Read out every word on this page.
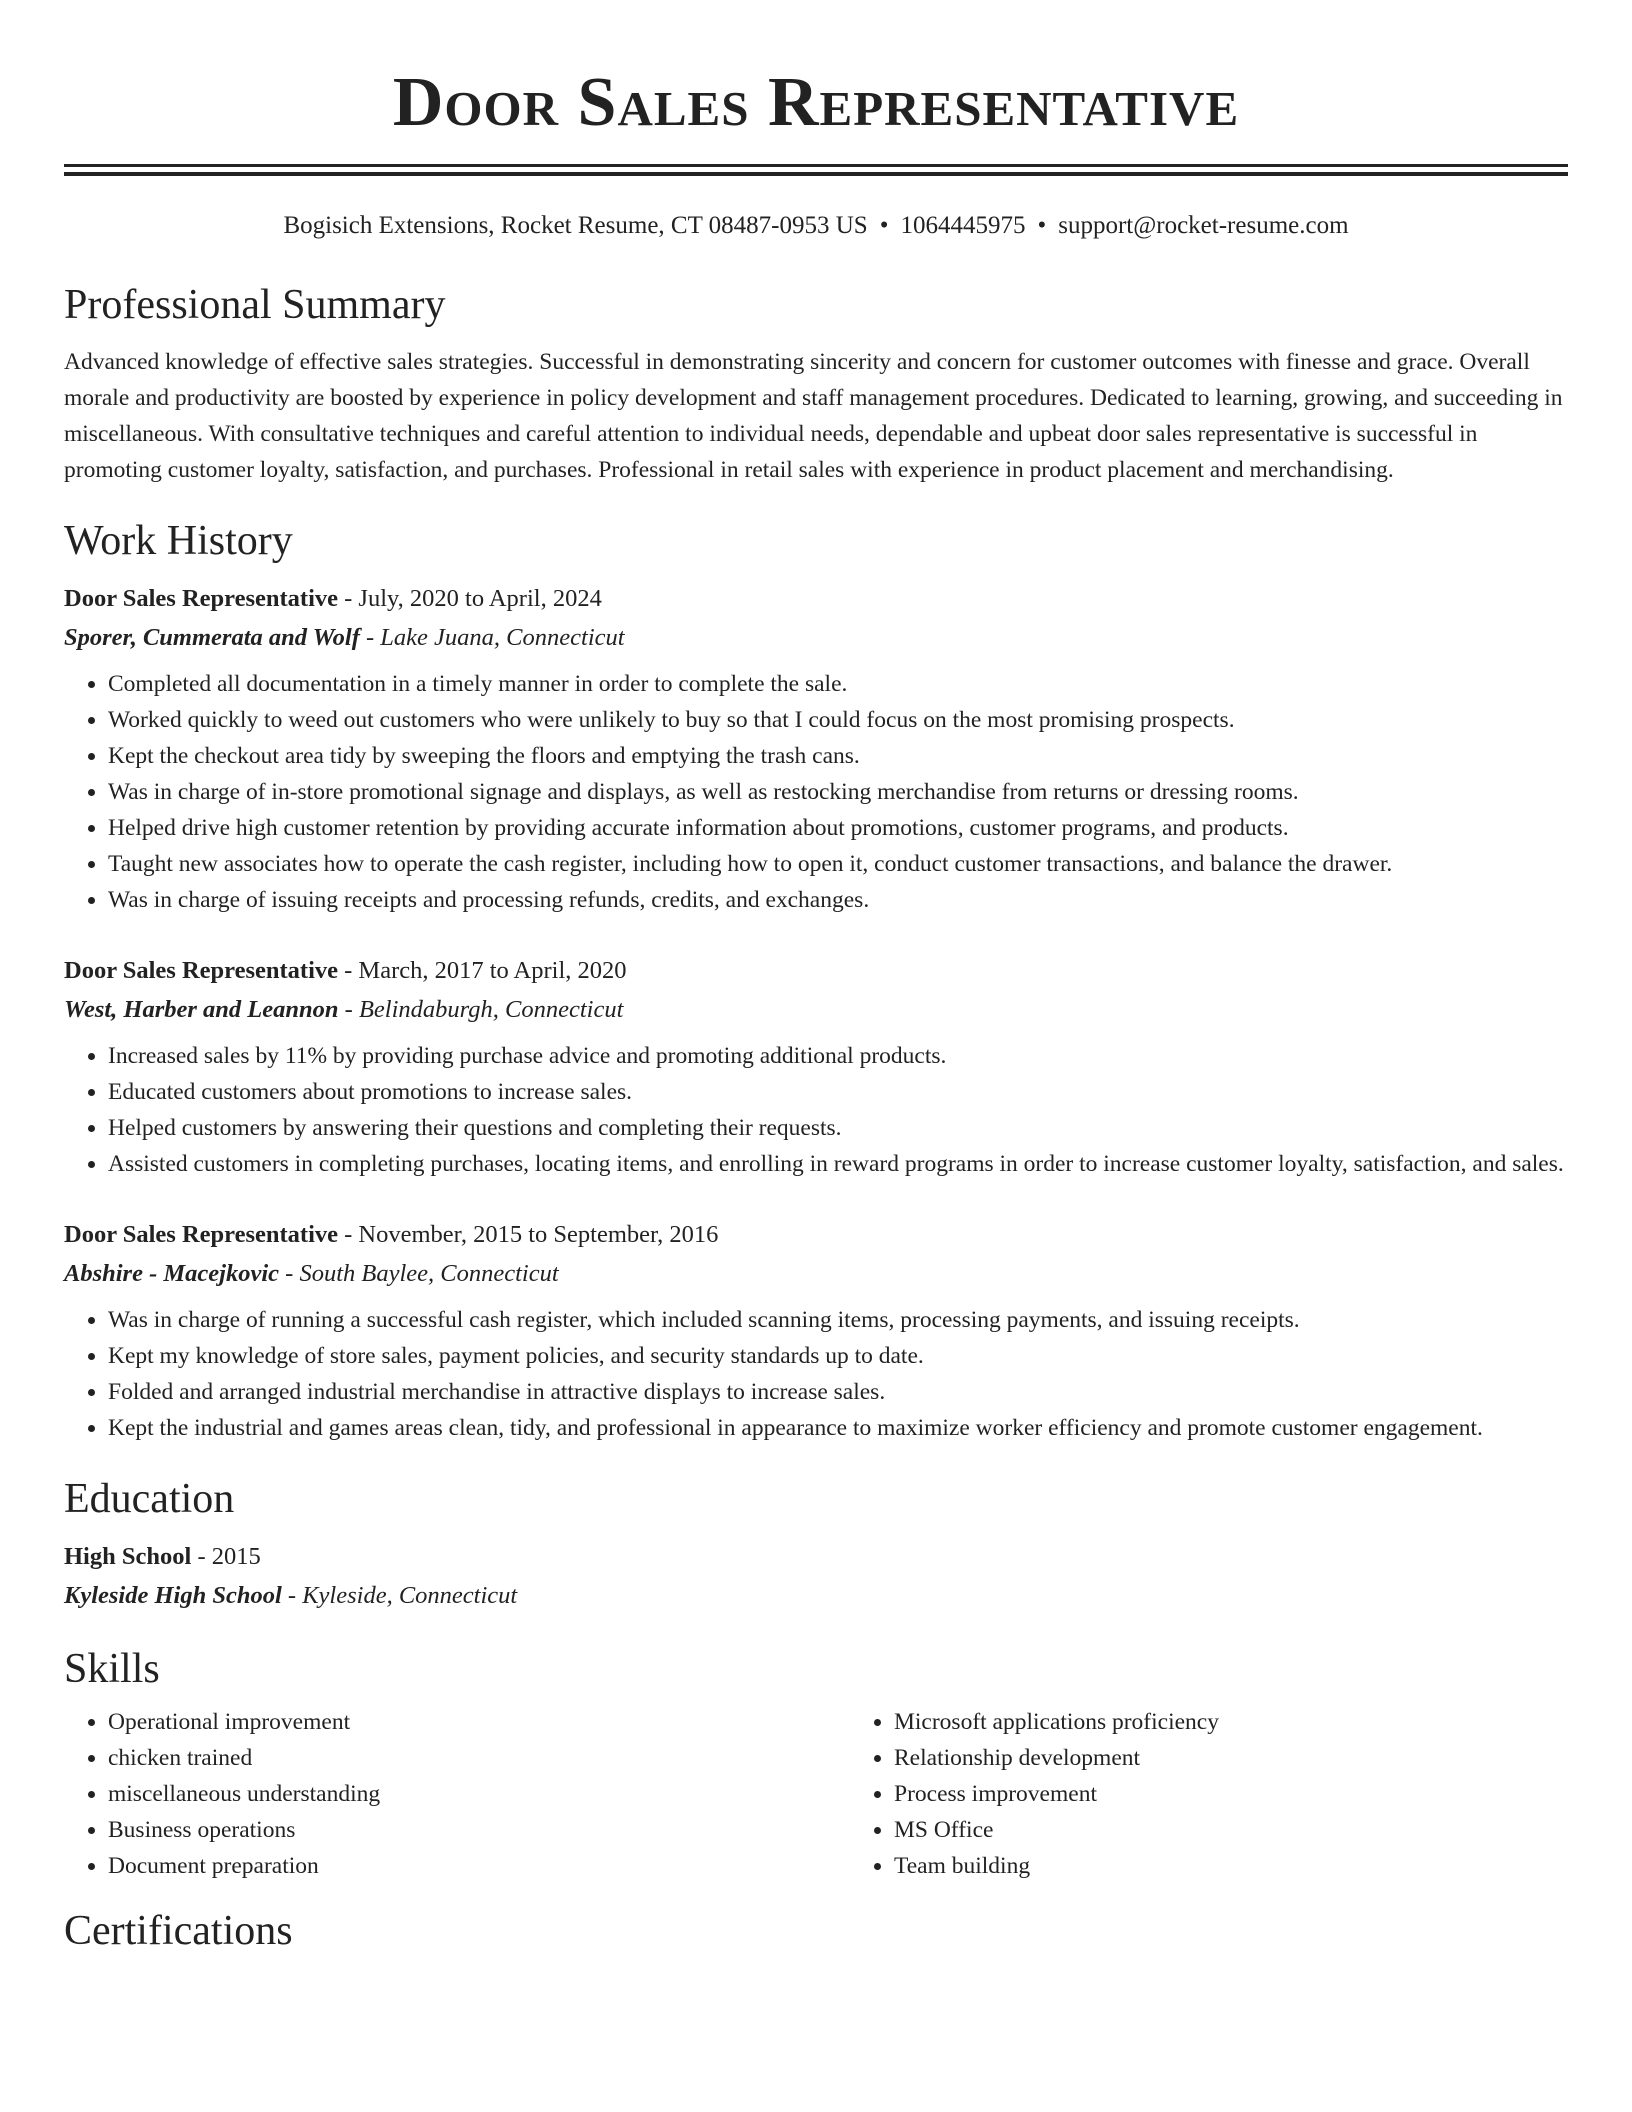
Door Sales Representative
Bogisich Extensions, Rocket Resume, CT 08487-0953 US • 1064445975 • support@rocket-resume.com
Professional Summary
Advanced knowledge of effective sales strategies. Successful in demonstrating sincerity and concern for customer outcomes with finesse and grace. Overall morale and productivity are boosted by experience in policy development and staff management procedures. Dedicated to learning, growing, and succeeding in miscellaneous. With consultative techniques and careful attention to individual needs, dependable and upbeat door sales representative is successful in promoting customer loyalty, satisfaction, and purchases. Professional in retail sales with experience in product placement and merchandising.
Work History
Door Sales Representative - July, 2020 to April, 2024
Sporer, Cummerata and Wolf - Lake Juana, Connecticut
• Completed all documentation in a timely manner in order to complete the sale.
• Worked quickly to weed out customers who were unlikely to buy so that I could focus on the most promising prospects.
• Kept the checkout area tidy by sweeping the floors and emptying the trash cans.
• Was in charge of in-store promotional signage and displays, as well as restocking merchandise from returns or dressing rooms.
• Helped drive high customer retention by providing accurate information about promotions, customer programs, and products.
• Taught new associates how to operate the cash register, including how to open it, conduct customer transactions, and balance the drawer.
• Was in charge of issuing receipts and processing refunds, credits, and exchanges.
Door Sales Representative - March, 2017 to April, 2020
West, Harber and Leannon - Belindaburgh, Connecticut
• Increased sales by 11% by providing purchase advice and promoting additional products.
• Educated customers about promotions to increase sales.
• Helped customers by answering their questions and completing their requests.
• Assisted customers in completing purchases, locating items, and enrolling in reward programs in order to increase customer loyalty, satisfaction, and sales.
Door Sales Representative - November, 2015 to September, 2016
Abshire - Macejkovic - South Baylee, Connecticut
• Was in charge of running a successful cash register, which included scanning items, processing payments, and issuing receipts.
• Kept my knowledge of store sales, payment policies, and security standards up to date.
• Folded and arranged industrial merchandise in attractive displays to increase sales.
• Kept the industrial and games areas clean, tidy, and professional in appearance to maximize worker efficiency and promote customer engagement.
Education
High School - 2015
Kyleside High School - Kyleside, Connecticut
Skills
• Operational improvement
• chicken trained
• miscellaneous understanding
• Business operations
• Document preparation
• Microsoft applications proficiency
• Relationship development
• Process improvement
• MS Office
• Team building
Certifications
